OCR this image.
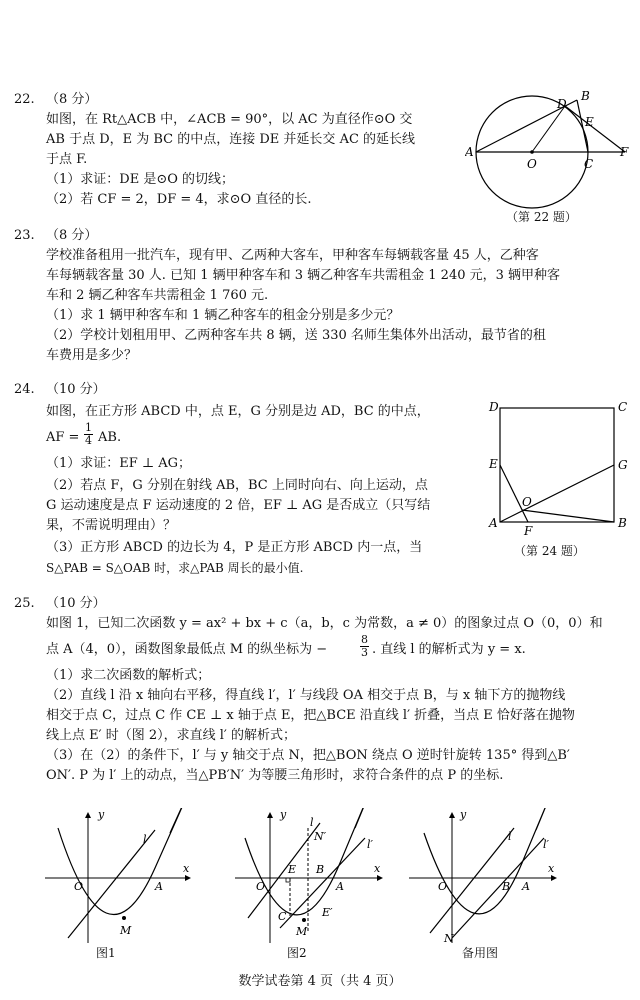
22. （8 分）
如图，在 Rt△ACB 中，∠ACB = 90°，以 AC 为直径作⊙O 交
AB 于点 D，E 为 BC 的中点，连接 DE 并延长交 AC 的延长线
于点 F.
（1）求证：DE 是⊙O 的切线；
（2）若 CF = 2，DF = 4，求⊙O 直径的长.
A
B
C
D
E
F
O
（第 22 题）
23. （8 分）
学校准备租用一批汽车，现有甲、乙两种大客车，甲种客车每辆载客量 45 人，乙种客
车每辆载客量 30 人. 已知 1 辆甲种客车和 3 辆乙种客车共需租金 1 240 元，3 辆甲种客
车和 2 辆乙种客车共需租金 1 760 元.
（1）求 1 辆甲种客车和 1 辆乙种客车的租金分别是多少元？
（2）学校计划租用甲、乙两种客车共 8 辆，送 330 名师生集体外出活动，最节省的租
车费用是多少？
24. （10 分）
如图，在正方形 ABCD 中，点 E，G 分别是边 AD，BC 的中点，
AF = $\frac{1}{4}$ AB.
（1）求证：EF ⊥ AG；
（2）若点 F，G 分别在射线 AB，BC 上同时向右、向上运动，点
G 运动速度是点 F 运动速度的 2 倍，EF ⊥ AG 是否成立（只写结
果，不需说明理由）？
（3）正方形 ABCD 的边长为 4，P 是正方形 ABCD 内一点，当
S△PAB = S△OAB 时，求△PAB 周长的最小值.
D	C
E	G
A	B
F
O
（第 24 题）
25. （10 分）
如图 1，已知二次函数 y = ax² + bx + c（a，b，c 为常数，a ≠ 0）的图象过点 O（0，0）和
点 A（4，0），函数图象最低点 M 的纵坐标为 −	$\frac{8}{3}$ . 直线 l 的解析式为 y = x.
（1）求二次函数的解析式；
（2）直线 l 沿 x 轴向右平移，得直线 l′，l′ 与线段 OA 相交于点 B，与 x 轴下方的抛物线
相交于点 C，过点 C 作 CE ⊥ x 轴于点 E，把△BCE 沿直线 l′ 折叠，当点 E 恰好落在抛物
线上点 E′ 时（图 2），求直线 l′ 的解析式；
（3）在（2）的条件下，l′ 与 y 轴交于点 N，把△BON 绕点 O 逆时针旋转 135° 得到△B′
ON′. P 为 l′ 上的动点，当△PB′N′ 为等腰三角形时，求符合条件的点 P 的坐标.
y
x
l
O	A
M
图1
y
x
l
l′
O
E B
N′
A
C	E′
M
图2
y
x
l
l′
O	B A
N
备用图
数学试卷第 4 页（共 4 页）
